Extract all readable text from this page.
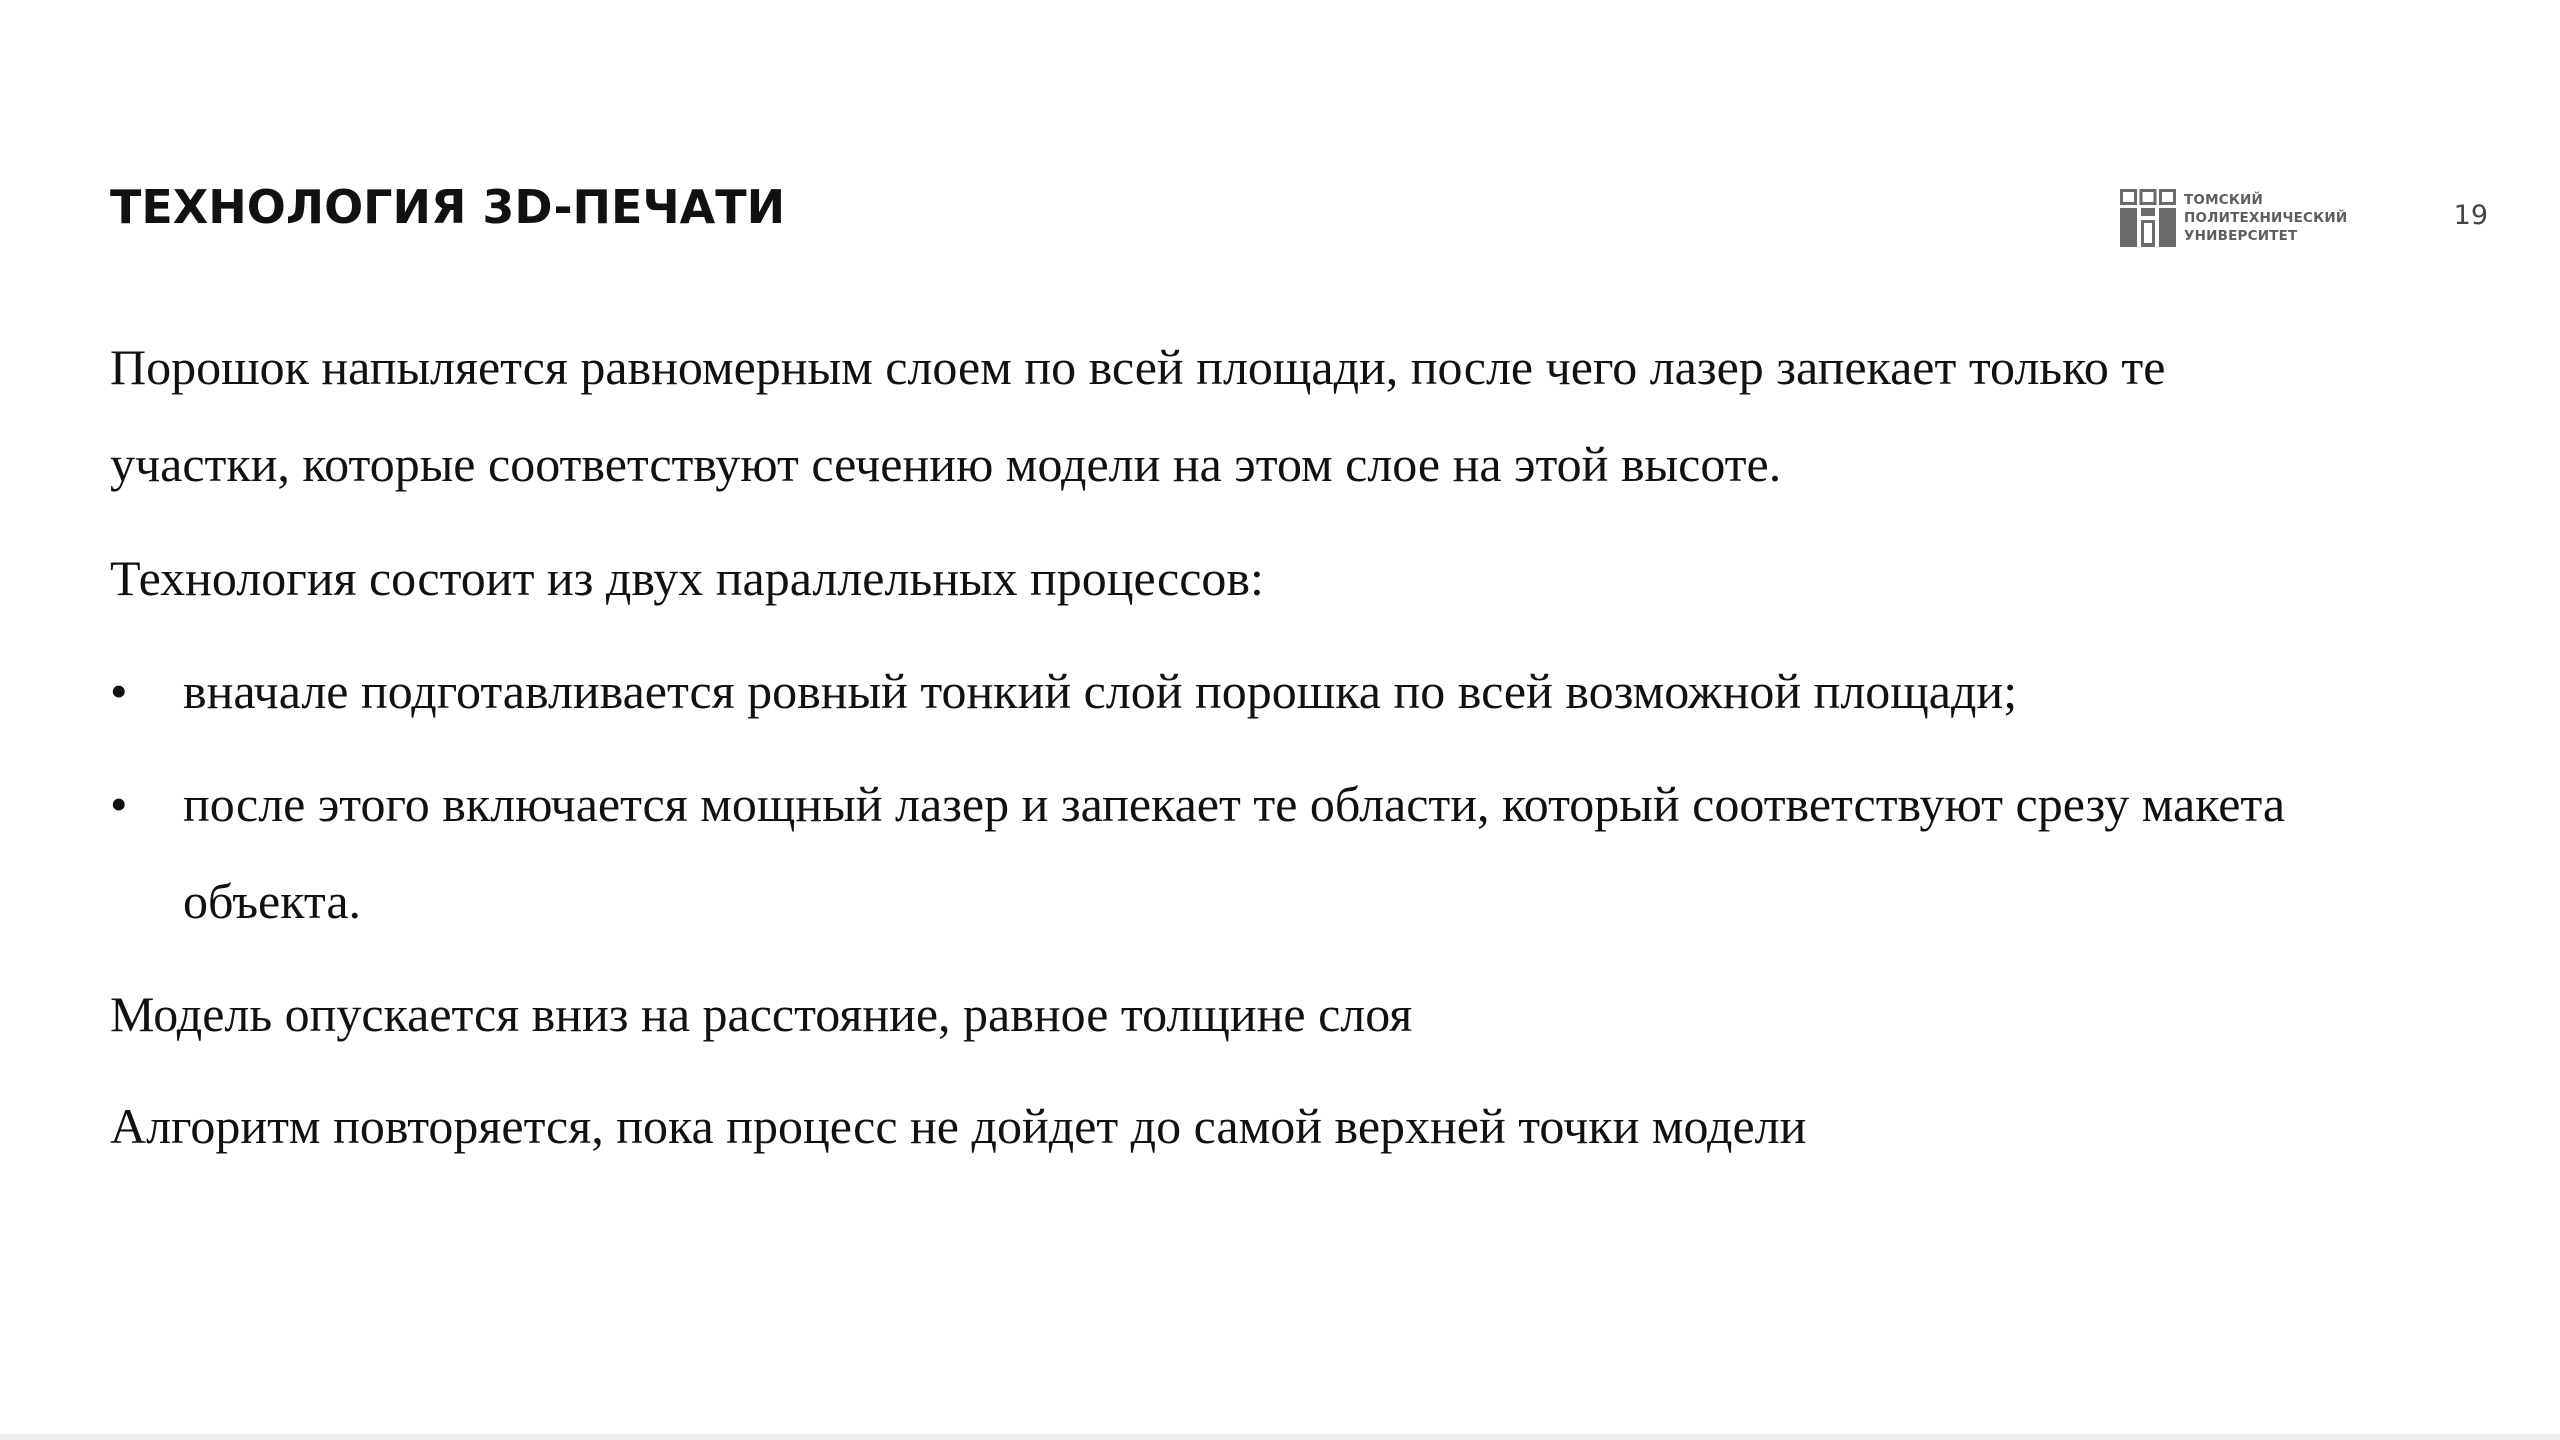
ТЕХНОЛОГИЯ 3D-ПЕЧАТИ	ТОМСКИЙ
ПОЛИТЕХНИЧЕСКИЙ
УНИВЕРСИТЕТ
19
Порошок напыляется равномерным слоем по всей площади, после чего лазер запекает только те
участки, которые соответствуют сечению модели на этом слое на этой высоте.
Технология состоит из двух параллельных процессов:
• вначале подготавливается ровный тонкий слой порошка по всей возможной площади;
• после этого включается мощный лазер и запекает те области, который соответствуют срезу макета
объекта.
Модель опускается вниз на расстояние, равное толщине слоя
Алгоритм повторяется, пока процесс не дойдет до самой верхней точки модели
